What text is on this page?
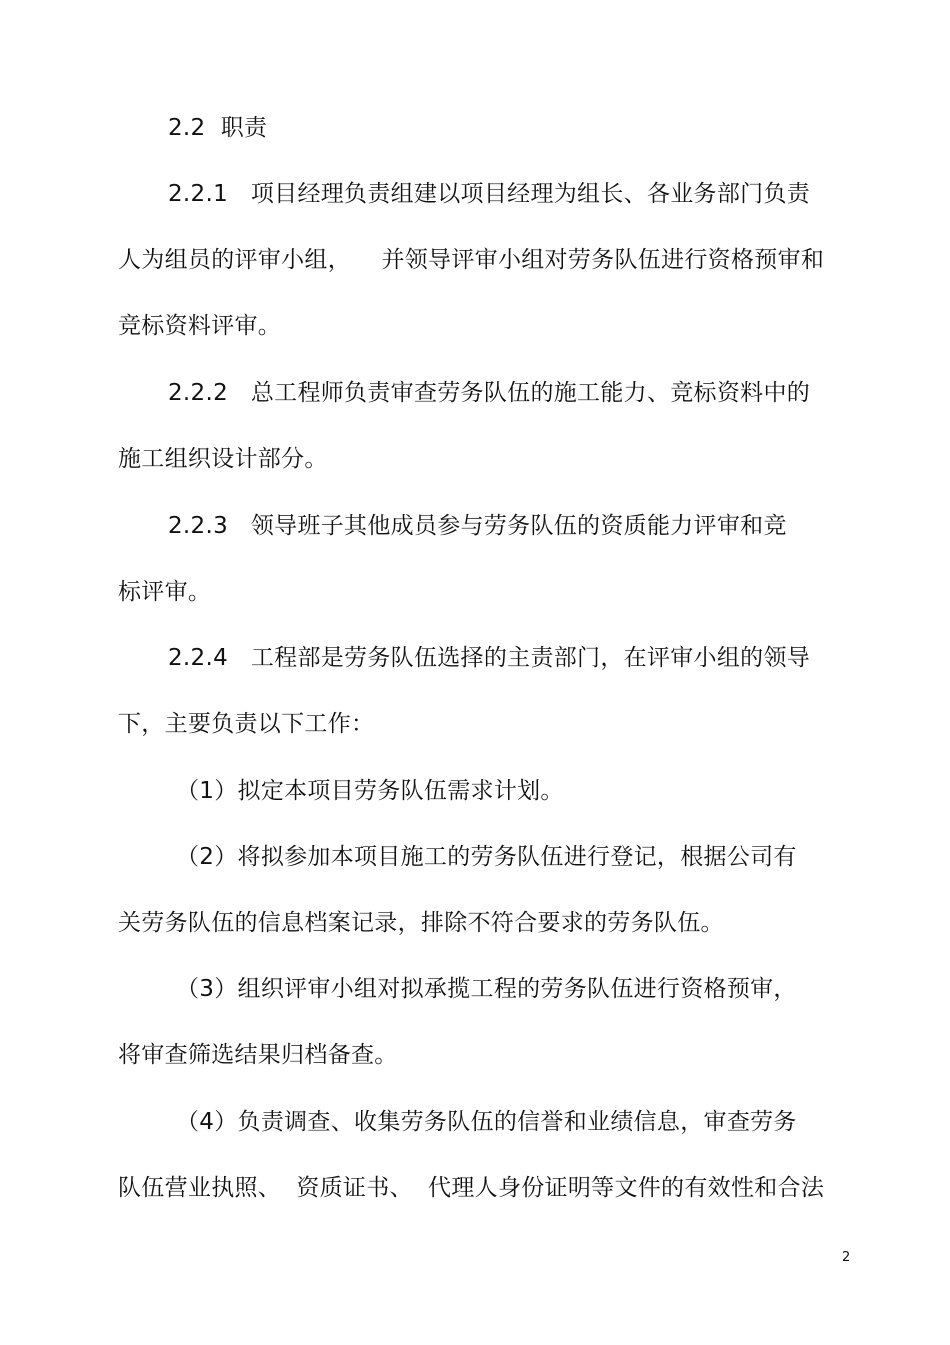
2.2  职责
2.2.1   项目经理负责组建以项目经理为组长、各业务部门负责
人为组员的评审小组，    并领导评审小组对劳务队伍进行资格预审和
竞标资料评审。
2.2.2   总工程师负责审查劳务队伍的施工能力、竞标资料中的
施工组织设计部分。
2.2.3   领导班子其他成员参与劳务队伍的资质能力评审和竞
标评审。
2.2.4   工程部是劳务队伍选择的主责部门，在评审小组的领导
下，主要负责以下工作：
（1）拟定本项目劳务队伍需求计划。
（2）将拟参加本项目施工的劳务队伍进行登记，根据公司有
关劳务队伍的信息档案记录，排除不符合要求的劳务队伍。
（3）组织评审小组对拟承揽工程的劳务队伍进行资格预审，
将审查筛选结果归档备查。
（4）负责调查、收集劳务队伍的信誉和业绩信息，审查劳务
队伍营业执照、  资质证书、  代理人身份证明等文件的有效性和合法
2
